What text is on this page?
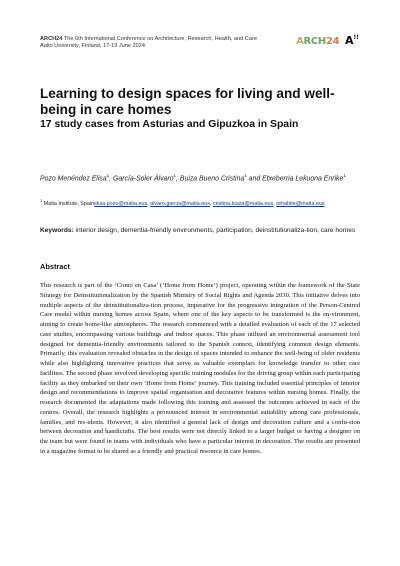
ARCH24 The 6th International Conference on Architecture, Research, Health, and Care
Aalto University, Finland, 17-19 June 2024	A RCH 24 A!!
Learning to design spaces for living and well-being in care homes
17 study cases from Asturias and Gipuzkoa in Spain
Pozo Menéndez Elisa$^1$, García-Soler Álvaro$^1$, Buiza Bueno Cristina$^1$ and Etxeberria Lekuona Enrike$^1$
$^1$ Matia Institute, Spainelisa.pozo@matia.eus, alvaro.garcia@matia.eus, cristina.buiza@matia.eus, rehabite@matia.eus
Keywords: interior design, dementia-friendly environments, participation, deinstitutionaliza-tion, care homes
Abstract

This research is part of the ‘Como en Casa’ (‘Home from Home’) project, operating within the framework of the State Strategy for Deinstitutionalization by the Spanish Ministry of Social Rights and Agenda 2030. This initiative delves into multiple aspects of the deinstitutionaliza-tion process, imperative for the progressive integration of the Person-Centred Care model within nursing homes across Spain, where one of the key aspects to be transformed is the en-vironment, aiming to create home-like atmospheres. The research commenced with a detailed evaluation of each of the 17 selected case studies, encompassing various buildings and indoor spaces. This phase utilised an environmental assessment tool designed for dementia-friendly environments tailored to the Spanish context, identifying common design elements. Primarily, this evaluation revealed obstacles in the design of spaces intended to enhance the well-being of older residents while also highlighting innovative practices that serve as valuable exemplars for knowledge transfer to other care facilities. The second phase involved developing specific training modules for the driving group within each participating facility as they embarked on their own ‘Home from Home’ journey. This training included essential principles of interior design and recommendations to improve spatial organisation and decorative features within nursing homes. Finally, the research documented the adaptations made following this training and assessed the outcomes achieved in each of the centres. Overall, the research highlights a pronounced interest in environmental suitability among care professionals, families, and res-idents. However, it also identified a general lack of design and decoration culture and a confu-sion between decoration and handicrafts. The best results were not directly linked to a larger budget or having a designer on the team but were found in teams with individuals who have a particular interest in decoration. The results are presented in a magazine format to be shared as a friendly and practical resource in care homes.
